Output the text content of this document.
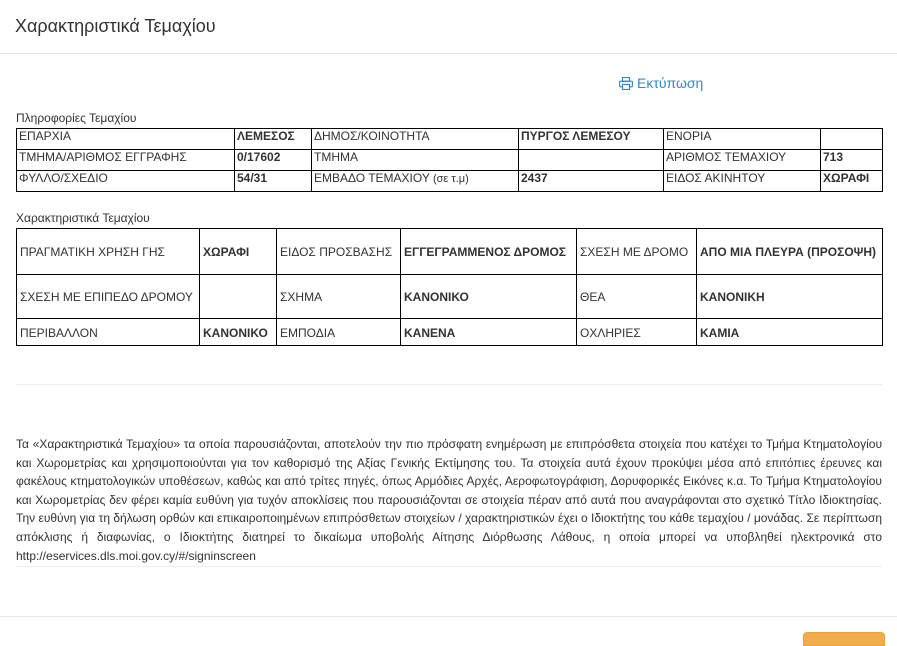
Χαρακτηριστικά Τεμαχίου
Εκτύπωση
Πληροφορίες Τεμαχίου
ΕΠΑΡΧΙΑ	ΛΕΜΕΣΟΣ	ΔΗΜΟΣ/ΚΟΙΝΟΤΗΤΑ	ΠΥΡΓΟΣ ΛΕΜΕΣΟΥ	ΕΝΟΡΙΑ	
ΤΜΗΜΑ/ΑΡΙΘΜΟΣ ΕΓΓΡΑΦΗΣ	0/17602	ΤΜΗΜΑ		ΑΡΙΘΜΟΣ ΤΕΜΑΧΙΟΥ	713
ΦΥΛΛΟ/ΣΧΕΔΙΟ	54/31	ΕΜΒΑΔΟ ΤΕΜΑΧΙΟΥ (σε τ.μ)	2437	ΕΙΔΟΣ ΑΚΙΝΗΤΟΥ	ΧΩΡΑΦΙ
Χαρακτηριστικά Τεμαχίου
ΠΡΑΓΜΑΤΙΚΗ ΧΡΗΣΗ ΓΗΣ	ΧΩΡΑΦΙ	ΕΙΔΟΣ ΠΡΟΣΒΑΣΗΣ	ΕΓΓΕΓΡΑΜΜΕΝΟΣ ΔΡΟΜΟΣ	ΣΧΕΣΗ ΜΕ ΔΡΟΜΟ	ΑΠΟ ΜΙΑ ΠΛΕΥΡΑ (ΠΡΟΣΟΨΗ)
ΣΧΕΣΗ ΜΕ ΕΠΙΠΕΔΟ ΔΡΟΜΟΥ		ΣΧΗΜΑ	ΚΑΝΟΝΙΚΟ	ΘΕΑ	ΚΑΝΟΝΙΚΗ
ΠΕΡΙΒΑΛΛΟΝ	ΚΑΝΟΝΙΚΟ	ΕΜΠΟΔΙΑ	ΚΑΝΕΝΑ	ΟΧΛΗΡΙΕΣ	ΚΑΜΙΑ

Τα «Χαρακτηριστικά Τεμαχίου» τα οποία παρουσιάζονται, αποτελούν την πιο πρόσφατη ενημέρωση με επιπρόσθετα στοιχεία που κατέχει το Τμήμα Κτηματολογίου και Χωρομετρίας και χρησιμοποιούνται για τον καθορισμό της Αξίας Γενικής Εκτίμησης του. Τα στοιχεία αυτά έχουν προκύψει μέσα από επιτόπιες έρευνες και φακέλους κτηματολογικών υποθέσεων, καθώς και από τρίτες πηγές, όπως Αρμόδιες Αρχές, Αεροφωτογράφιση, Δορυφορικές Εικόνες κ.α. Το Τμήμα Κτηματολογίου και Χωρομετρίας δεν φέρει καμία ευθύνη για τυχόν αποκλίσεις που παρουσιάζονται σε στοιχεία πέραν από αυτά που αναγράφονται στο σχετικό Τίτλο Ιδιοκτησίας. Την ευθύνη για τη δήλωση ορθών και επικαιροποιημένων επιπρόσθετων στοιχείων / χαρακτηριστικών έχει ο Ιδιοκτήτης του κάθε τεμαχίου / μονάδας. Σε περίπτωση απόκλισης ή διαφωνίας, ο Ιδιοκτήτης διατηρεί το δικαίωμα υποβολής Αίτησης Διόρθωσης Λάθους, η οποία μπορεί να υποβληθεί ηλεκτρονικά στο http://eservices.dls.moi.gov.cy/#/signinscreen
